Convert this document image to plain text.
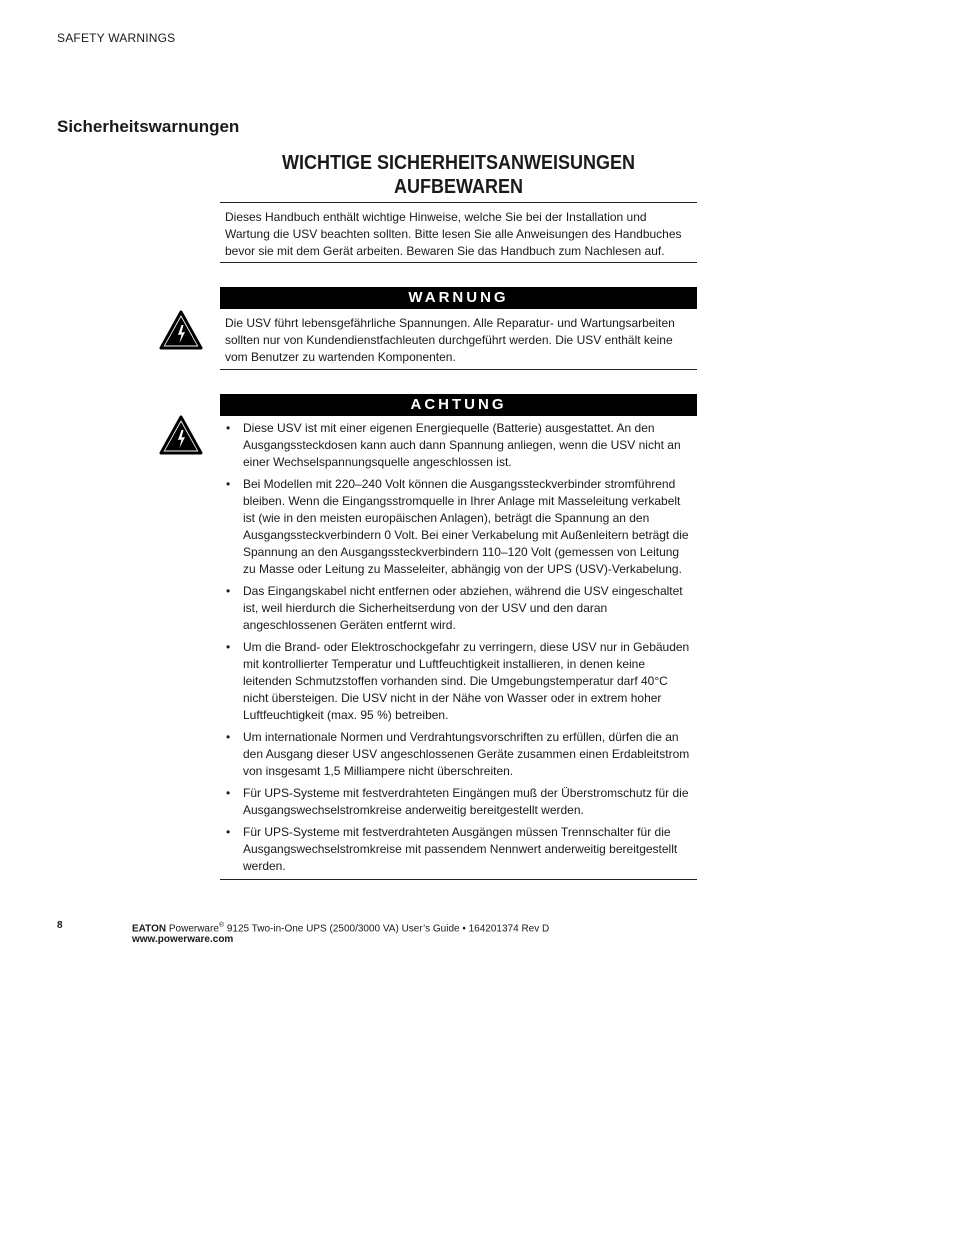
SAFETY WARNINGS
Sicherheitswarnungen
WICHTIGE SICHERHEITSANWEISUNGEN
AUFBEWAREN
Dieses Handbuch enthält wichtige Hinweise, welche Sie bei der Installation und Wartung die USV beachten sollten. Bitte lesen Sie alle Anweisungen des Handbuches bevor sie mit dem Gerät arbeiten. Bewaren Sie das Handbuch zum Nachlesen auf.
WARNUNG
Die USV führt lebensgefährliche Spannungen. Alle Reparatur- und Wartungsarbeiten sollten nur von Kundendienstfachleuten durchgeführt werden. Die USV enthält keine vom Benutzer zu wartenden Komponenten.
ACHTUNG
• Diese USV ist mit einer eigenen Energiequelle (Batterie) ausgestattet. An den Ausgangssteckdosen kann auch dann Spannung anliegen, wenn die USV nicht an einer Wechselspannungsquelle angeschlossen ist.
• Bei Modellen mit 220–240 Volt können die Ausgangssteckverbinder stromführend bleiben. Wenn die Eingangsstromquelle in Ihrer Anlage mit Masseleitung verkabelt ist (wie in den meisten europäischen Anlagen), beträgt die Spannung an den Ausgangssteckverbindern 0 Volt. Bei einer Verkabelung mit Außenleitern beträgt die Spannung an den Ausgangssteckverbindern 110–120 Volt (gemessen von Leitung zu Masse oder Leitung zu Masseleiter, abhängig von der UPS (USV)-Verkabelung.
• Das Eingangskabel nicht entfernen oder abziehen, während die USV eingeschaltet ist, weil hierdurch die Sicherheitserdung von der USV und den daran angeschlossenen Geräten entfernt wird.
• Um die Brand- oder Elektroschockgefahr zu verringern, diese USV nur in Gebäuden mit kontrollierter Temperatur und Luftfeuchtigkeit installieren, in denen keine leitenden Schmutzstoffen vorhanden sind. Die Umgebungstemperatur darf 40°C nicht übersteigen. Die USV nicht in der Nähe von Wasser oder in extrem hoher Luftfeuchtigkeit (max. 95 %) betreiben.
• Um internationale Normen und Verdrahtungsvorschriften zu erfüllen, dürfen die an den Ausgang dieser USV angeschlossenen Geräte zusammen einen Erdableitstrom von insgesamt 1,5 Milliampere nicht überschreiten.
• Für UPS-Systeme mit festverdrahteten Eingängen muß der Überstromschutz für die Ausgangswechselstromkreise anderweitig bereitgestellt werden.
• Für UPS-Systeme mit festverdrahteten Ausgängen müssen Trennschalter für die Ausgangswechselstromkreise mit passendem Nennwert anderweitig bereitgestellt werden.
8	EATON Powerware® 9125 Two-in-One UPS (2500/3000 VA) User’s Guide • 164201374 Rev D
www.powerware.com
